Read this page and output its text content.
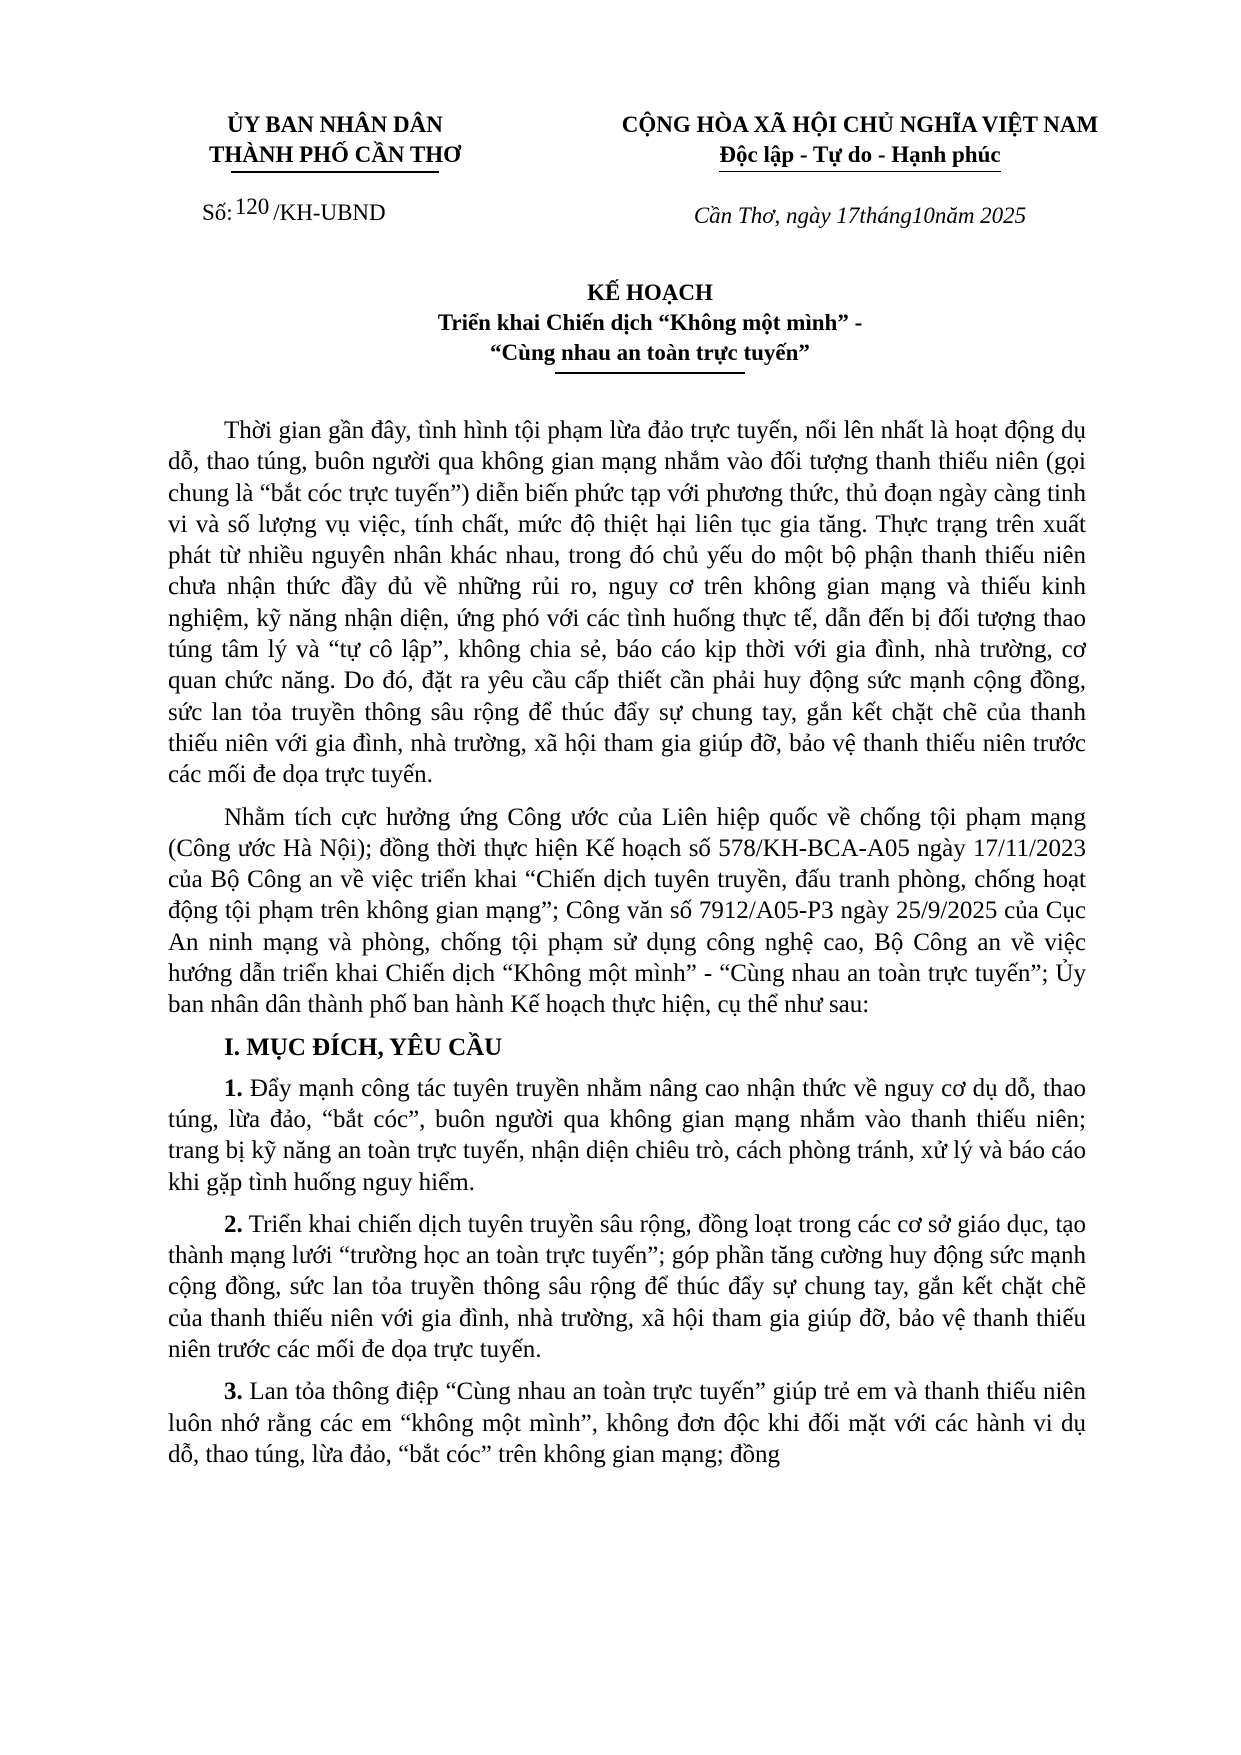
ỦY BAN NHÂN DÂN
THÀNH PHỐ CẦN THƠ
Số:120 /KH-UBND
CỘNG HÒA XÃ HỘI CHỦ NGHĨA VIỆT NAM
Độc lập - Tự do - Hạnh phúc
Cần Thơ, ngày 17tháng10năm 2025
KẾ HOẠCH
Triển khai Chiến dịch “Không một mình” -
“Cùng nhau an toàn trực tuyến”

Thời gian gần đây, tình hình tội phạm lừa đảo trực tuyến, nổi lên nhất là hoạt động dụ dỗ, thao túng, buôn người qua không gian mạng nhắm vào đối tượng thanh thiếu niên (gọi chung là “bắt cóc trực tuyến”) diễn biến phức tạp với phương thức, thủ đoạn ngày càng tinh vi và số lượng vụ việc, tính chất, mức độ thiệt hại liên tục gia tăng. Thực trạng trên xuất phát từ nhiều nguyên nhân khác nhau, trong đó chủ yếu do một bộ phận thanh thiếu niên chưa nhận thức đầy đủ về những rủi ro, nguy cơ trên không gian mạng và thiếu kinh nghiệm, kỹ năng nhận diện, ứng phó với các tình huống thực tế, dẫn đến bị đối tượng thao túng tâm lý và “tự cô lập”, không chia sẻ, báo cáo kịp thời với gia đình, nhà trường, cơ quan chức năng. Do đó, đặt ra yêu cầu cấp thiết cần phải huy động sức mạnh cộng đồng, sức lan tỏa truyền thông sâu rộng để thúc đẩy sự chung tay, gắn kết chặt chẽ của thanh thiếu niên với gia đình, nhà trường, xã hội tham gia giúp đỡ, bảo vệ thanh thiếu niên trước các mối đe dọa trực tuyến.

Nhằm tích cực hưởng ứng Công ước của Liên hiệp quốc về chống tội phạm mạng (Công ước Hà Nội); đồng thời thực hiện Kế hoạch số 578/KH-BCA-A05 ngày 17/11/2023 của Bộ Công an về việc triển khai “Chiến dịch tuyên truyền, đấu tranh phòng, chống hoạt động tội phạm trên không gian mạng”; Công văn số 7912/A05-P3 ngày 25/9/2025 của Cục An ninh mạng và phòng, chống tội phạm sử dụng công nghệ cao, Bộ Công an về việc hướng dẫn triển khai Chiến dịch “Không một mình” - “Cùng nhau an toàn trực tuyến”; Ủy ban nhân dân thành phố ban hành Kế hoạch thực hiện, cụ thể như sau:

I. MỤC ĐÍCH, YÊU CẦU

1. Đẩy mạnh công tác tuyên truyền nhằm nâng cao nhận thức về nguy cơ dụ dỗ, thao túng, lừa đảo, “bắt cóc”, buôn người qua không gian mạng nhắm vào thanh thiếu niên; trang bị kỹ năng an toàn trực tuyến, nhận diện chiêu trò, cách phòng tránh, xử lý và báo cáo khi gặp tình huống nguy hiểm.

2. Triển khai chiến dịch tuyên truyền sâu rộng, đồng loạt trong các cơ sở giáo dục, tạo thành mạng lưới “trường học an toàn trực tuyến”; góp phần tăng cường huy động sức mạnh cộng đồng, sức lan tỏa truyền thông sâu rộng để thúc đẩy sự chung tay, gắn kết chặt chẽ của thanh thiếu niên với gia đình, nhà trường, xã hội tham gia giúp đỡ, bảo vệ thanh thiếu niên trước các mối đe dọa trực tuyến.

3. Lan tỏa thông điệp “Cùng nhau an toàn trực tuyến” giúp trẻ em và thanh thiếu niên luôn nhớ rằng các em “không một mình”, không đơn độc khi đối mặt với các hành vi dụ dỗ, thao túng, lừa đảo, “bắt cóc” trên không gian mạng; đồng
